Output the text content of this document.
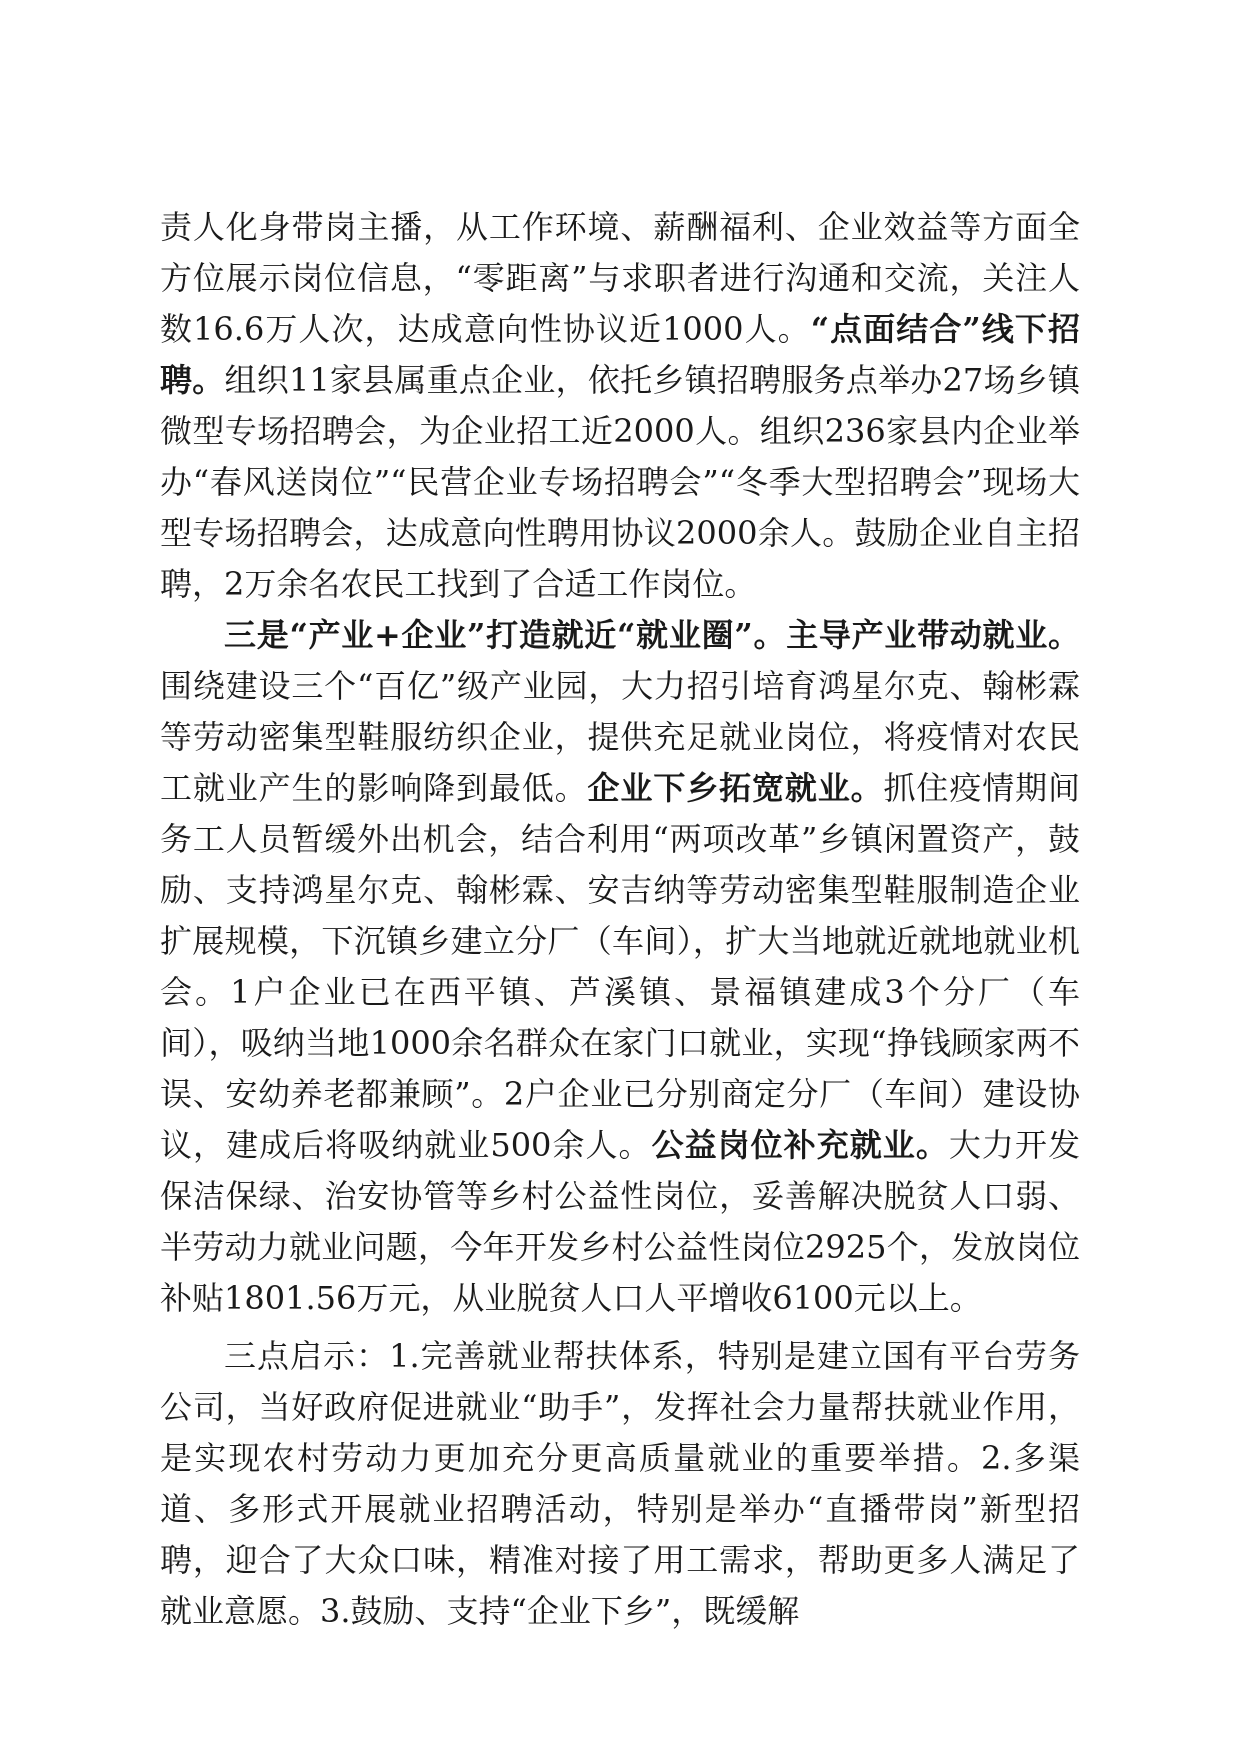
责人化身带岗主播，从工作环境、薪酬福利、企业效益等方面全方位展示岗位信息，“零距离”与求职者进行沟通和交流，关注人数16.6万人次，达成意向性协议近1000人。“点面结合”线下招聘。组织11家县属重点企业，依托乡镇招聘服务点举办27场乡镇微型专场招聘会，为企业招工近2000人。组织236家县内企业举办“春风送岗位”“民营企业专场招聘会”“冬季大型招聘会”现场大型专场招聘会，达成意向性聘用协议2000余人。鼓励企业自主招聘，2万余名农民工找到了合适工作岗位。

三是“产业+企业”打造就近“就业圈”。主导产业带动就业。围绕建设三个“百亿”级产业园，大力招引培育鸿星尔克、翰彬霖等劳动密集型鞋服纺织企业，提供充足就业岗位，将疫情对农民工就业产生的影响降到最低。企业下乡拓宽就业。抓住疫情期间务工人员暂缓外出机会，结合利用“两项改革”乡镇闲置资产，鼓励、支持鸿星尔克、翰彬霖、安吉纳等劳动密集型鞋服制造企业扩展规模，下沉镇乡建立分厂（车间），扩大当地就近就地就业机会。1户企业已在西平镇、芦溪镇、景福镇建成3个分厂（车间），吸纳当地1000余名群众在家门口就业，实现“挣钱顾家两不误、安幼养老都兼顾”。2户企业已分别商定分厂（车间）建设协议，建成后将吸纳就业500余人。公益岗位补充就业。大力开发保洁保绿、治安协管等乡村公益性岗位，妥善解决脱贫人口弱、半劳动力就业问题，今年开发乡村公益性岗位2925个，发放岗位补贴1801.56万元，从业脱贫人口人平增收6100元以上。

三点启示：1.完善就业帮扶体系，特别是建立国有平台劳务公司，当好政府促进就业“助手”，发挥社会力量帮扶就业作用，是实现农村劳动力更加充分更高质量就业的重要举措。2.多渠道、多形式开展就业招聘活动，特别是举办“直播带岗”新型招聘，迎合了大众口味，精准对接了用工需求，帮助更多人满足了就业意愿。3.鼓励、支持“企业下乡”，既缓解
